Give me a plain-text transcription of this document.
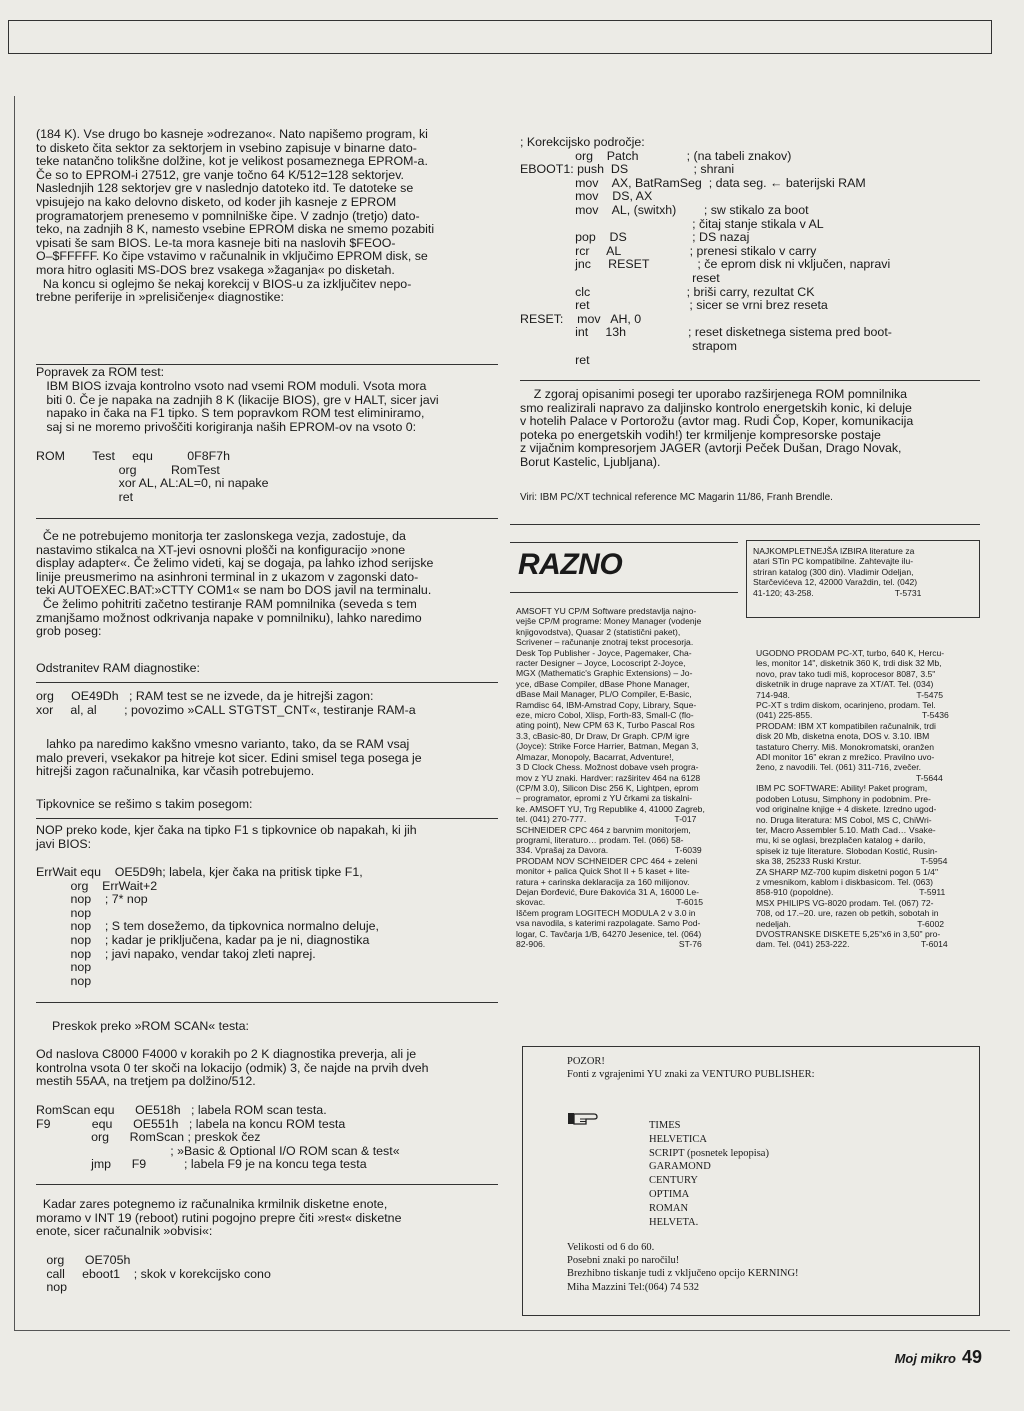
(184 K). Vse drugo bo kasneje »odrezano«. Nato napišemo program, ki
to disketo čita sektor za sektorjem in vsebino zapisuje v binarne dato-
teke natančno tolikšne dolžine, kot je velikost posameznega EPROM-a.
Če so to EPROM-i 27512, gre vanje točno 64 K/512=128 sektorjev.
Naslednjih 128 sektorjev gre v naslednjo datoteko itd. Te datoteke se
vpisujejo na kako delovno disketo, od koder jih kasneje z EPROM
programatorjem prenesemo v pomnilniške čipe. V zadnjo (tretjo) dato-
teko, na zadnjih 8 K, namesto vsebine EPROM diska ne smemo pozabiti
vpisati še sam BIOS. Le-ta mora kasneje biti na naslovih $FEOO-
O–$FFFFF. Ko čipe vstavimo v računalnik in vključimo EPROM disk, se
mora hitro oglasiti MS-DOS brez vsakega »žaganja« po disketah.
Na koncu si oglejmo še nekaj korekcij v BIOS-u za izključitev nepo-
trebne periferije in »prelisičenje« diagnostike:

Popravek za ROM test:

IBM BIOS izvaja kontrolno vsoto nad vsemi ROM moduli. Vsota mora
biti 0. Če je napaka na zadnjih 8 K (likacije BIOS), gre v HALT, sicer javi
napako in čaka na F1 tipko. S tem popravkom ROM test eliminiramo,
saj si ne moremo privoščiti korigiranja naših EPROM-ov na vsoto 0:

ROM        Test     equ          0F8F7h
org          RomTest
xor AL, AL:AL=0, ni napake
ret

Če ne potrebujemo monitorja ter zaslonskega vezja, zadostuje, da
nastavimo stikalca na XT-jevi osnovni plošči na konfiguracijo »none
display adapter«. Če želimo videti, kaj se dogaja, pa lahko izhod serijske
linije preusmerimo na asinhroni terminal in z ukazom v zagonski dato-
teki AUTOEXEC.BAT:»CTTY COM1« se nam bo DOS javil na terminalu.
Če želimo pohitriti začetno testiranje RAM pomnilnika (seveda s tem
zmanjšamo možnost odkrivanja napake v pomnilniku), lahko naredimo
grob poseg:

Odstranitev RAM diagnostike:

org     OE49Dh   ; RAM test se ne izvede, da je hitrejši zagon:
xor     al, al        ; povozimo »CALL STGTST_CNT«, testiranje RAM-a

lahko pa naredimo kakšno vmesno varianto, tako, da se RAM vsaj
malo preveri, vsekakor pa hitreje kot sicer. Edini smisel tega posega je
hitrejši zagon računalnika, kar včasih potrebujemo.

Tipkovnice se rešimo s takim posegom:

NOP preko kode, kjer čaka na tipko F1 s tipkovnice ob napakah, ki jih
javi BIOS:

ErrWait equ    OE5D9h; labela, kjer čaka na pritisk tipke F1,
org    ErrWait+2
nop    ; 7* nop
nop
nop    ; S tem dosežemo, da tipkovnica normalno deluje,
nop    ; kadar je priključena, kadar pa je ni, diagnostika
nop    ; javi napako, vendar takoj zleti naprej.
nop
nop

Preskok preko »ROM SCAN« testa:

Od naslova C8000 F4000 v korakih po 2 K diagnostika preverja, ali je
kontrolna vsota 0 ter skoči na lokacijo (odmik) 3, če najde na prvih dveh
mestih 55AA, na tretjem pa dolžino/512.

RomScan equ      OE518h   ; labela ROM scan testa.
F9            equ      OE551h   ; labela na koncu ROM testa
org      RomScan ; preskok čez
; »Basic & Optional I/O ROM scan & test«
jmp      F9           ; labela F9 je na koncu tega testa

Kadar zares potegnemo iz računalnika krmilnik disketne enote,
moramo v INT 19 (reboot) rutini pogojno prepre čiti »rest« disketne
enote, sicer računalnik »obvisi«:

org      OE705h
call     eboot1    ; skok v korekcijsko cono
nop

; Korekcijsko področje:
org    Patch              ; (na tabeli znakov)
EBOOT1: push  DS                   ; shrani
mov    AX, BatRamSeg  ; data seg. ← baterijski RAM
mov    DS, AX
mov    AL, (switxh)        ; sw stikalo za boot
; čitaj stanje stikala v AL
pop    DS                   ; DS nazaj
rcr     AL                    ; prenesi stikalo v carry
jnc     RESET              ; če eprom disk ni vključen, napravi
reset
clc                            ; briši carry, rezultat CK
ret                             ; sicer se vrni brez reseta
RESET:    mov   AH, 0
int     13h                  ; reset disketnega sistema pred boot-
strapom
ret

Z zgoraj opisanimi posegi ter uporabo razširjenega ROM pomnilnika
smo realizirali napravo za daljinsko kontrolo energetskih konic, ki deluje
v hotelih Palace v Portorožu (avtor mag. Rudi Čop, Koper, komunikacija
poteka po energetskih vodih!) ter krmiljenje kompresorske postaje
z vijačnim kompresorjem JAGER (avtorji Peček Dušan, Drago Novak,
Borut Kastelic, Ljubljana).

Viri: IBM PC/XT technical reference MC Magarin 11/86, Franh Brendle.

RAZNO	NAJKOMPLETNEJŠA IZBIRA literature za
atari STin PC kompatibilne. Zahtevajte ilu-
striran katalog (300 din). Vladimir Odeljan,
Starčevićeva 12, 42000 Varaždin, tel. (042)
41-120; 43-258.                                  T-5731

AMSOFT YU CP/M Software predstavlja najno-
vejše CP/M programe: Money Manager (vodenje
knjigovodstva), Quasar 2 (statistični paket),
Scrivener – računanje znotraj tekst procesorja.
Desk Top Publisher - Joyce, Pagemaker, Cha-
racter Designer – Joyce, Locoscript 2-Joyce,
MGX (Mathematic's Graphic Extensions) – Jo-
yce, dBase Compiler, dBase Phone Manager,
dBase Mail Manager, PL/O Compiler, E-Basic,
Ramdisc 64, IBM-Amstrad Copy, Library, Sque-
eze, micro Cobol, Xlisp, Forth-83, Small-C (flo-
ating point), New CPM 63 K, Turbo Pascal Ros
3.3, cBasic-80, Dr Draw, Dr Graph. CP/M igre
(Joyce): Strike Force Harrier, Batman, Megan 3,
Almazar, Monopoly, Bacarrat, Adventure!,
3 D Clock Chess. Možnost dobave vseh progra-
mov z YU znaki. Hardver: razširitev 464 na 6128
(CP/M 3.0), Silicon Disc 256 K, Lightpen, eprom
– programator, epromi z YU črkami za tiskalni-
ke. AMSOFT YU, Trg Republike 4, 41000 Zagreb,
tel. (041) 270-777.                                     T-017
SCHNEIDER CPC 464 z barvnim monitorjem,
programi, literaturo… prodam. Tel. (066) 58-
334. Vprašaj za Davora.                            T-6039
PRODAM NOV SCHNEIDER CPC 464 + zeleni
monitor + palica Quick Shot II + 5 kaset + lite-
ratura + carinska deklaracija za 160 milijonov.
Dejan Đorđević, Đure Đakovića 31 A, 16000 Le-
skovac.                                                       T-6015
Iščem program LOGITECH MODULA 2 v 3.0 in
vsa navodila, s katerimi razpolagate. Samo Pod-
logar, C. Tavčarja 1/B, 64270 Jesenice, tel. (064)
82-906.                                                        ST-76

UGODNO PRODAM PC-XT, turbo, 640 K, Hercu-
les, monitor 14", disketnik 360 K, trdi disk 32 Mb,
novo, prav tako tudi miš, koprocesor 8087, 3.5"
disketnik in druge naprave za XT/AT. Tel. (034)
714-948.                                                     T-5475
PC-XT s trdim diskom, ocarinjeno, prodam. Tel.
(041) 225-855.                                              T-5436
PRODAM: IBM XT kompatibilen računalnik, trdi
disk 20 Mb, disketna enota, DOS v. 3.10. IBM
tastaturo Cherry. Miš. Monokromatski, oranžen
ADI monitor 16" ekran z mrežico. Pravilno uvo-
ženo, z navodili. Tel. (061) 311-716, zvečer.
T-5644
IBM PC SOFTWARE: Ability! Paket program,
podoben Lotusu, Simphony in podobnim. Pre-
vod originalne knjige + 4 diskete. Izredno ugod-
no. Druga literatura: MS Cobol, MS C, ChiWri-
ter, Macro Assembler 5.10. Math Cad… Vsake-
mu, ki se oglasi, brezplačen katalog + darilo,
spisek iz tuje literature. Slobodan Kostić, Rusin-
ska 38, 25233 Ruski Krstur.                         T-5954
ZA SHARP MZ-700 kupim disketni pogon 5 1/4"
z vmesnikom, kablom i diskbasicom. Tel. (063)
858-910 (popoldne).                                    T-5911
MSX PHILIPS VG-8020 prodam. Tel. (067) 72-
708, od 17.–20. ure, razen ob petkih, sobotah in
nedeljah.                                                     T-6002
DVOSTRANSKE DISKETE 5,25"x6 in 3,50" pro-
dam. Tel. (041) 253-222.                              T-6014

POZOR!
Fonti z vgrajenimi YU znaki za VENTURO PUBLISHER:

TIMES
HELVETICA
SCRIPT (posnetek lepopisa)
GARAMOND
CENTURY
OPTIMA
ROMAN
HELVETA.

Velikosti od 6 do 60.
Posebni znaki po naročilu!
Brezhibno tiskanje tudi z vključeno opcijo KERNING!
Miha Mazzini Tel:(064) 74 532

Moj mikro 49
